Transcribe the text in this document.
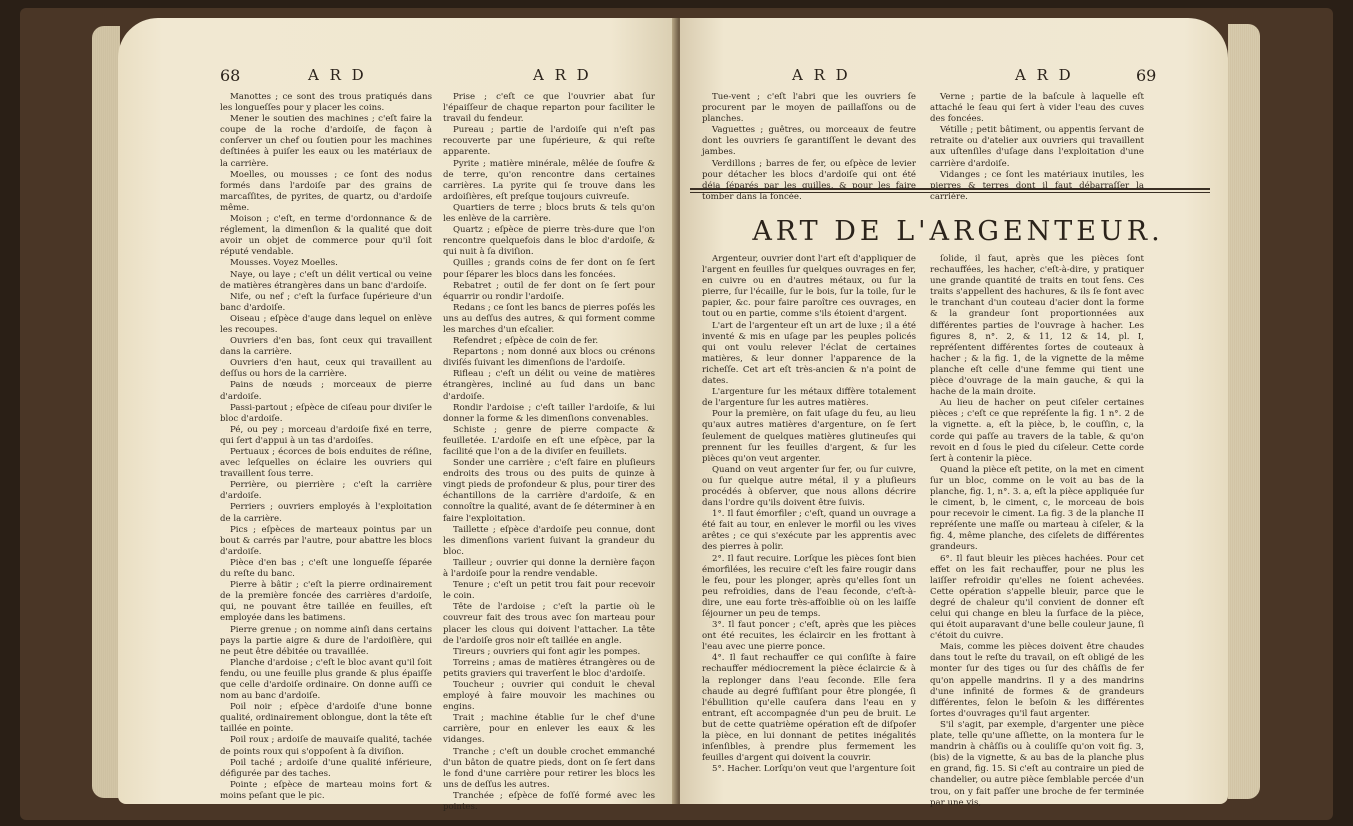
68	A R D	A R D

Manottes ; ce sont des trous pratiqués dans les longueſſes pour y placer les coins.

Mener le soutien des machines ; c'eſt faire la coupe de la roche d'ardoiſe, de façon à conſerver un chef ou ſoutien pour les machines deſtinées à puiſer les eaux ou les matériaux de la carrière.

Moelles, ou mousses ; ce ſont des nodus formés dans l'ardoiſe par des grains de marcaſſites, de pyrites, de quartz, ou d'ardoiſe même.

Moison ; c'eſt, en terme d'ordonnance & de réglement, la dimenſion & la qualité que doit avoir un objet de commerce pour qu'il ſoit réputé vendable.

Mousses. Voyez Moelles.

Naye, ou laye ; c'eſt un délit vertical ou veine de matières étrangères dans un banc d'ardoiſe.

Nife, ou nef ; c'eſt la ſurface ſupérieure d'un banc d'ardoiſe.

Oiseau ; eſpèce d'auge dans lequel on enlève les recoupes.

Ouvriers d'en bas, ſont ceux qui travaillent dans la carrière.

Ouvriers d'en haut, ceux qui travaillent au deſſus ou hors de la carrière.

Pains de nœuds ; morceaux de pierre d'ardoiſe.

Passi-partout ; eſpèce de ciſeau pour diviſer le bloc d'ardoiſe.

Pé, ou pey ; morceau d'ardoiſe fixé en terre, qui ſert d'appui à un tas d'ardoiſes.

Pertuaux ; écorces de bois enduites de réſine, avec leſquelles on éclaire les ouvriers qui travaillent ſous terre.

Perrière, ou pierrière ; c'eſt la carrière d'ardoiſe.

Perriers ; ouvriers employés à l'exploitation de la carrière.

Pics ; eſpèces de marteaux pointus par un bout & carrés par l'autre, pour abattre les blocs d'ardoiſe.

Pièce d'en bas ; c'eſt une longueſſe ſéparée du reſte du banc.

Pierre à bâtir ; c'eſt la pierre ordinairement de la première foncée des carrières d'ardoiſe, qui, ne pouvant être taillée en feuilles, eſt employée dans les batimens.

Pierre grenue ; on nomme ainſi dans certains pays la partie aigre & dure de l'ardoiſière, qui ne peut être débitée ou travaillée.

Planche d'ardoise ; c'eſt le bloc avant qu'il ſoit fendu, ou une feuille plus grande & plus épaiſſe que celle d'ardoiſe ordinaire. On donne auſſi ce nom au banc d'ardoiſe.

Poil noir ; eſpèce d'ardoiſe d'une bonne qualité, ordinairement oblongue, dont la tête eſt taillée en pointe.

Poil roux ; ardoiſe de mauvaiſe qualité, tachée de points roux qui s'oppoſent à ſa diviſion.

Poil taché ; ardoiſe d'une qualité inférieure, défigurée par des taches.

Pointe ; eſpèce de marteau moins fort & moins peſant que le pic.

Prise ; c'eſt ce que l'ouvrier abat ſur l'épaiſſeur de chaque reparton pour faciliter le travail du fendeur.

Pureau ; partie de l'ardoiſe qui n'eſt pas recouverte par une ſupérieure, & qui reſte apparente.

Pyrite ; matière minérale, mêlée de ſoufre & de terre, qu'on rencontre dans certaines carrières. La pyrite qui ſe trouve dans les ardoiſières, eſt preſque toujours cuivreuſe.

Quartiers de terre ; blocs bruts & tels qu'on les enlève de la carrière.

Quartz ; eſpèce de pierre très-dure que l'on rencontre quelquefois dans le bloc d'ardoiſe, & qui nuit à ſa diviſion.

Quilles ; grands coins de fer dont on ſe ſert pour ſéparer les blocs dans les foncées.

Rebatret ; outil de fer dont on ſe ſert pour équarrir ou rondir l'ardoiſe.

Redans ; ce ſont les bancs de pierres poſés les uns au deſſus des autres, & qui forment comme les marches d'un eſcalier.

Refendret ; eſpèce de coin de fer.

Repartons ; nom donné aux blocs ou crénons diviſés ſuivant les dimenſions de l'ardoiſe.

Rifleau ; c'eſt un délit ou veine de matières étrangères, incliné au ſud dans un banc d'ardoiſe.

Rondir l'ardoise ; c'eſt tailler l'ardoiſe, & lui donner la forme & les dimenſions convenables.

Schiste ; genre de pierre compacte & feuilletée. L'ardoiſe en eſt une eſpèce, par la facilité que l'on a de la diviſer en feuillets.

Sonder une carrière ; c'eſt faire en pluſieurs endroits des trous ou des puits de quinze à vingt pieds de profondeur & plus, pour tirer des échantillons de la carrière d'ardoiſe, & en connoître la qualité, avant de ſe déterminer à en faire l'exploitation.

Taillette ; eſpèce d'ardoiſe peu connue, dont les dimenſions varient ſuivant la grandeur du bloc.

Tailleur ; ouvrier qui donne la dernière façon à l'ardoiſe pour la rendre vendable.

Tenure ; c'eſt un petit trou fait pour recevoir le coin.

Tête de l'ardoise ; c'eſt la partie où le couvreur fait des trous avec ſon marteau pour placer les clous qui doivent l'attacher. La tête de l'ardoiſe gros noir eſt taillée en angle.

Tireurs ; ouvriers qui font agir les pompes.

Torreins ; amas de matières étrangères ou de petits graviers qui traverſent le bloc d'ardoiſe.

Toucheur ; ouvrier qui conduit le cheval employé à faire mouvoir les machines ou engins.

Trait ; machine établie ſur le chef d'une carrière, pour en enlever les eaux & les vidanges.

Tranche ; c'eſt un double crochet emmanché d'un bâton de quatre pieds, dont on ſe ſert dans le fond d'une carrière pour retirer les blocs les uns de deſſus les autres.

Tranchée ; eſpèce de foſſé formé avec les pointes.

A R D	A R D	69

Tue-vent ; c'eſt l'abri que les ouvriers ſe procurent par le moyen de paillaſſons ou de planches.

Vaguettes ; guêtres, ou morceaux de feutre dont les ouvriers ſe garantiſſent le devant des jambes.

Verdillons ; barres de fer, ou eſpèce de levier pour détacher les blocs d'ardoiſe qui ont été déja ſéparés par les quilles, & pour les faire tomber dans la foncée.

Verne ; partie de la baſcule à laquelle eſt attaché le ſeau qui ſert à vider l'eau des cuves des foncées.

Vétille ; petit bâtiment, ou appentis ſervant de retraite ou d'atelier aux ouvriers qui travaillent aux uſtenſiles d'uſage dans l'exploitation d'une carrière d'ardoiſe.

Vidanges ; ce ſont les matériaux inutiles, les pierres & terres dont il faut débarraſſer la carrière.

ART DE L'ARGENTEUR.

Argenteur, ouvrier dont l'art eſt d'appliquer de l'argent en feuilles ſur quelques ouvrages en fer, en cuivre ou en d'autres métaux, ou ſur la pierre, ſur l'écaille, ſur le bois, ſur la toile, ſur le papier, &c. pour faire paroître ces ouvrages, en tout ou en partie, comme s'ils étoient d'argent.

L'art de l'argenteur eſt un art de luxe ; il a été inventé & mis en uſage par les peuples policés qui ont voulu relever l'éclat de certaines matières, & leur donner l'apparence de la richeſſe. Cet art eſt très-ancien & n'a point de dates.

L'argenture ſur les métaux diffère totalement de l'argenture ſur les autres matières.

Pour la première, on fait uſage du feu, au lieu qu'aux autres matières d'argenture, on ſe ſert ſeulement de quelques matières glutineuſes qui prennent ſur les feuilles d'argent, & ſur les pièces qu'on veut argenter.

Quand on veut argenter ſur fer, ou ſur cuivre, ou ſur quelque autre métal, il y a pluſieurs procédés à obſerver, que nous allons décrire dans l'ordre qu'ils doivent être ſuivis.

1°. Il faut émorfiler ; c'eſt, quand un ouvrage a été fait au tour, en enlever le morfil ou les vives arêtes ; ce qui s'exécute par les apprentis avec des pierres à polir.

2°. Il faut recuire. Lorſque les pièces ſont bien émorfilées, les recuire c'eſt les faire rougir dans le feu, pour les plonger, après qu'elles ſont un peu refroidies, dans de l'eau ſeconde, c'eſt-à-dire, une eau forte très-affoiblie où on les laiſſe ſéjourner un peu de temps.

3°. Il faut poncer ; c'eſt, après que les pièces ont été recuites, les éclaircir en les frottant à l'eau avec une pierre ponce.

4°. Il faut rechauffer ce qui conſiſte à faire rechauffer médiocrement la pièce éclaircie & à la replonger dans l'eau ſeconde. Elle ſera chaude au degré ſuffiſant pour être plongée, ſi l'ébullition qu'elle cauſera dans l'eau en y entrant, eſt accompagnée d'un peu de bruit. Le but de cette quatrième opération eſt de diſpoſer la pièce, en lui donnant de petites inégalités inſenſibles, à prendre plus fermement les feuilles d'argent qui doivent la couvrir.

5°. Hacher. Lorſqu'on veut que l'argenture ſoit

ſolide, il faut, après que les pièces ſont rechauffées, les hacher, c'eſt-à-dire, y pratiquer une grande quantité de traits en tout ſens. Ces traits s'appellent des hachures, & ils ſe font avec le tranchant d'un couteau d'acier dont la forme & la grandeur ſont proportionnées aux différentes parties de l'ouvrage à hacher. Les figures 8, n°. 2, & 11, 12 & 14, pl. I, repréſentent différentes ſortes de couteaux à hacher ; & la fig. 1, de la vignette de la même planche eſt celle d'une femme qui tient une pièce d'ouvrage de la main gauche, & qui la hache de la main droite.

Au lieu de hacher on peut ciſeler certaines pièces ; c'eſt ce que repréſente la fig. 1 n°. 2 de la vignette. a, eſt la pièce, b, le couſſin, c, la corde qui paſſe au travers de la table, & qu'on revoit en d ſous le pied du ciſeleur. Cette corde ſert à contenir la pièce.

Quand la pièce eſt petite, on la met en ciment ſur un bloc, comme on le voit au bas de la planche, fig. 1, n°. 3. a, eſt la pièce appliquée ſur le ciment, b, le ciment, c, le morceau de bois pour recevoir le ciment. La fig. 3 de la planche II repréſente une maſſe ou marteau à ciſeler, & la fig. 4, même planche, des ciſelets de différentes grandeurs.

6°. Il faut bleuir les pièces hachées. Pour cet effet on les fait rechauffer, pour ne plus les laiſſer refroidir qu'elles ne ſoient achevées. Cette opération s'appelle bleuir, parce que le degré de chaleur qu'il convient de donner eſt celui qui change en bleu la ſurface de la pièce, qui étoit auparavant d'une belle couleur jaune, ſi c'étoit du cuivre.

Mais, comme les pièces doivent être chaudes dans tout le reſte du travail, on eſt obligé de les monter ſur des tiges ou ſur des châſſis de fer qu'on appelle mandrins. Il y a des mandrins d'une infinité de formes & de grandeurs différentes, ſelon le beſoin & les différentes ſortes d'ouvrages qu'il faut argenter.

S'il s'agit, par exemple, d'argenter une pièce plate, telle qu'une aſſiette, on la montera ſur le mandrin à châſſis ou à couliſſe qu'on voit fig. 3, (bis) de la vignette, & au bas de la planche plus en grand, fig. 15. Si c'eſt au contraire un pied de chandelier, ou autre pièce ſemblable percée d'un trou, on y fait paſſer une broche de fer terminée par une vis,
